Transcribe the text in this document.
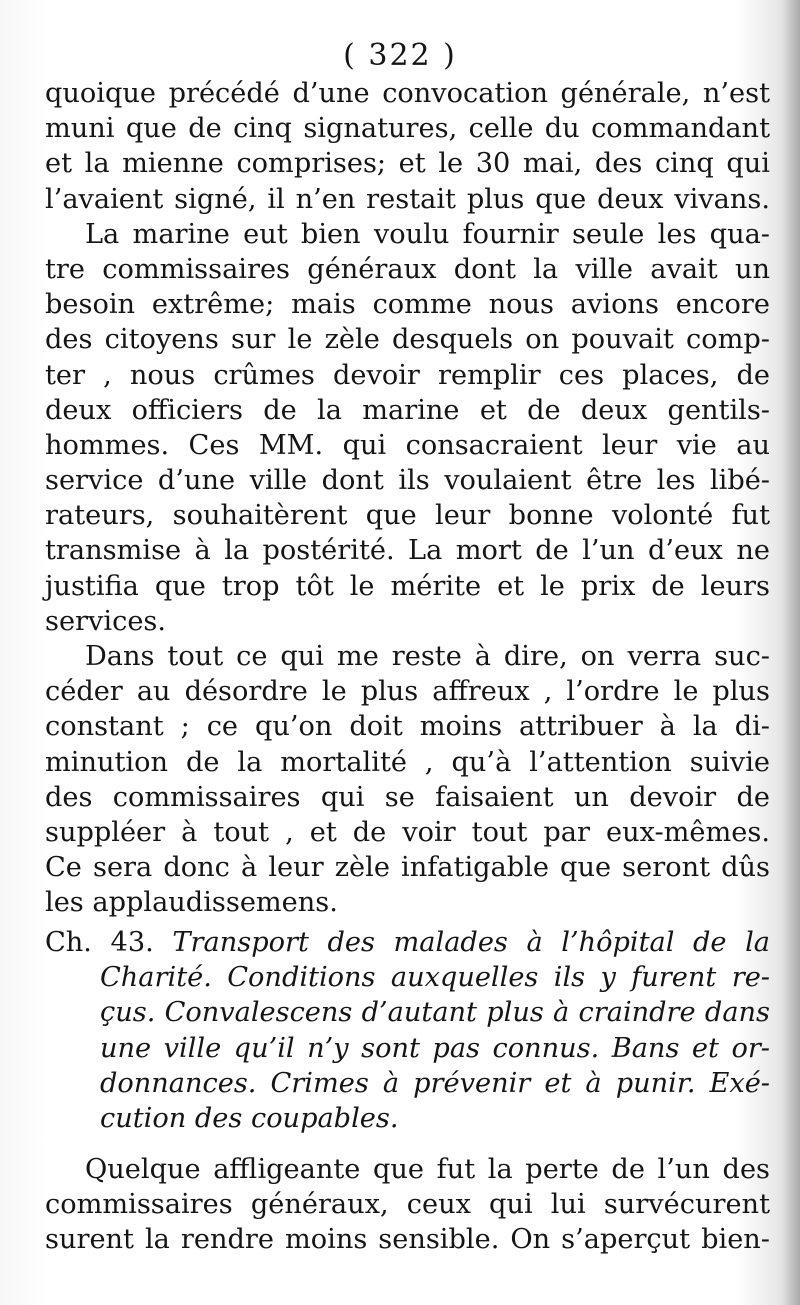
( 322 )
quoique précédé d’une convocation générale, n’est
muni que de cinq signatures, celle du commandant
et la mienne comprises; et le 30 mai, des cinq qui
l’avaient signé, il n’en restait plus que deux vivans.
La marine eut bien voulu fournir seule les qua-
tre commissaires généraux dont la ville avait un
besoin extrême; mais comme nous avions encore
des citoyens sur le zèle desquels on pouvait comp-
ter , nous crûmes devoir remplir ces places, de
deux officiers de la marine et de deux gentils-
hommes. Ces MM. qui consacraient leur vie au
service d’une ville dont ils voulaient être les libé-
rateurs, souhaitèrent que leur bonne volonté fut
transmise à la postérité. La mort de l’un d’eux ne
justifia que trop tôt le mérite et le prix de leurs
services.
Dans tout ce qui me reste à dire, on verra suc-
céder au désordre le plus affreux , l’ordre le plus
constant ; ce qu’on doit moins attribuer à la di-
minution de la mortalité , qu’à l’attention suivie
des commissaires qui se faisaient un devoir de
suppléer à tout , et de voir tout par eux-mêmes.
Ce sera donc à leur zèle infatigable que seront dûs
les applaudissemens.
Ch. 43. Transport des malades à l’hôpital de la
Charité. Conditions auxquelles ils y furent re-
çus. Convalescens d’autant plus à craindre dans
une ville qu’il n’y sont pas connus. Bans et or-
donnances. Crimes à prévenir et à punir. Exé-
cution des coupables.
Quelque affligeante que fut la perte de l’un des
commissaires généraux, ceux qui lui survécurent
surent la rendre moins sensible. On s’aperçut bien-
